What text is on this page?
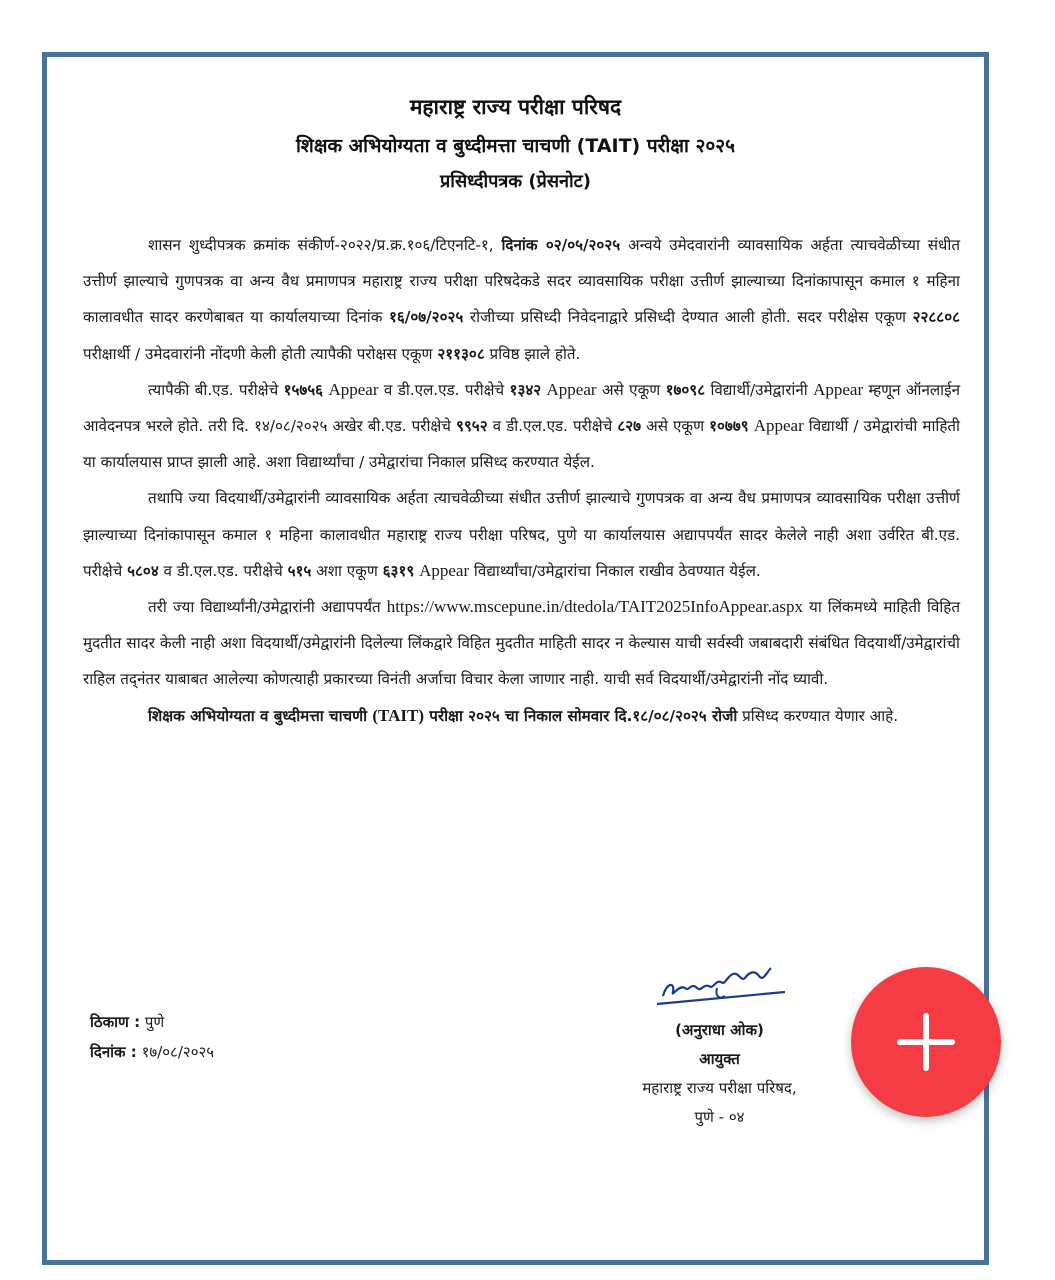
महाराष्ट्र राज्य परीक्षा परिषद
शिक्षक अभियोग्यता व बुध्दीमत्ता चाचणी (TAIT) परीक्षा २०२५
प्रसिध्दीपत्रक (प्रेसनोट)

शासन शुध्दीपत्रक क्रमांक संकीर्ण-२०२२/प्र.क्र.१०६/टिएनटि-१, दिनांक ०२/०५/२०२५ अन्वये उमेदवारांनी व्यावसायिक अर्हता त्याचवेळीच्या संधीत उत्तीर्ण झाल्याचे गुणपत्रक वा अन्य वैध प्रमाणपत्र महाराष्ट्र राज्य परीक्षा परिषदेकडे सदर व्यावसायिक परीक्षा उत्तीर्ण झाल्याच्या दिनांकापासून कमाल १ महिना कालावधीत सादर करणेबाबत या कार्यालयाच्या दिनांक १६/०७/२०२५ रोजीच्या प्रसिध्दी निवेदनाद्वारे प्रसिध्दी देण्यात आली होती. सदर परीक्षेस एकूण २२८८०८ परीक्षार्थी / उमेदवारांनी नोंदणी केली होती त्यापैकी परोक्षस एकूण २११३०८ प्रविष्ठ झाले होते.

त्यापैकी बी.एड. परीक्षेचे १५७५६ Appear व डी.एल.एड. परीक्षेचे १३४२ Appear असे एकूण १७०९८ विद्यार्थी/उमेद्वारांनी Appear म्हणून ऑनलाईन आवेदनपत्र भरले होते. तरी दि. १४/०८/२०२५ अखेर बी.एड. परीक्षेचे ९९५२ व डी.एल.एड. परीक्षेचे ८२७ असे एकूण १०७७९ Appear विद्यार्थी / उमेद्वारांची माहिती या कार्यालयास प्राप्त झाली आहे. अशा विद्यार्थ्यांचा / उमेद्वारांचा निकाल प्रसिध्द करण्यात येईल.

तथापि ज्या विदयार्थी/उमेद्वारांनी व्यावसायिक अर्हता त्याचवेळीच्या संधीत उत्तीर्ण झाल्याचे गुणपत्रक वा अन्य वैध प्रमाणपत्र व्यावसायिक परीक्षा उत्तीर्ण झाल्याच्या दिनांकापासून कमाल १ महिना कालावधीत महाराष्ट्र राज्य परीक्षा परिषद, पुणे या कार्यालयास अद्यापपर्यंत सादर केलेले नाही अशा उर्वरित बी.एड. परीक्षेचे ५८०४ व डी.एल.एड. परीक्षेचे ५१५ अशा एकूण ६३१९ Appear विद्यार्थ्यांचा/उमेद्वारांचा निकाल राखीव ठेवण्यात येईल.

तरी ज्या विद्यार्थ्यांनी/उमेद्वारांनी अद्यापपर्यंत https://www.mscepune.in/dtedola/TAIT2025InfoAppear.aspx या लिंकमध्ये माहिती विहित मुदतीत सादर केली नाही अशा विदयार्थी/उमेद्वारांनी दिलेल्या लिंकद्वारे विहित मुदतीत माहिती सादर न केल्यास याची सर्वस्वी जबाबदारी संबंधित विदयार्थी/उमेद्वारांची राहिल तद्नंतर याबाबत आलेल्या कोणत्याही प्रकारच्या विनंती अर्जाचा विचार केला जाणार नाही. याची सर्व विदयार्थी/उमेद्वारांनी नोंद घ्यावी.

शिक्षक अभियोग्यता व बुध्दीमत्ता चाचणी (TAIT) परीक्षा २०२५ चा निकाल सोमवार दि.१८/०८/२०२५ रोजी प्रसिध्द करण्यात येणार आहे.

ठिकाण : पुणे
दिनांक : १७/०८/२०२५
(अनुराधा ओक)
आयुक्त
महाराष्ट्र राज्य परीक्षा परिषद,
पुणे - ०४
